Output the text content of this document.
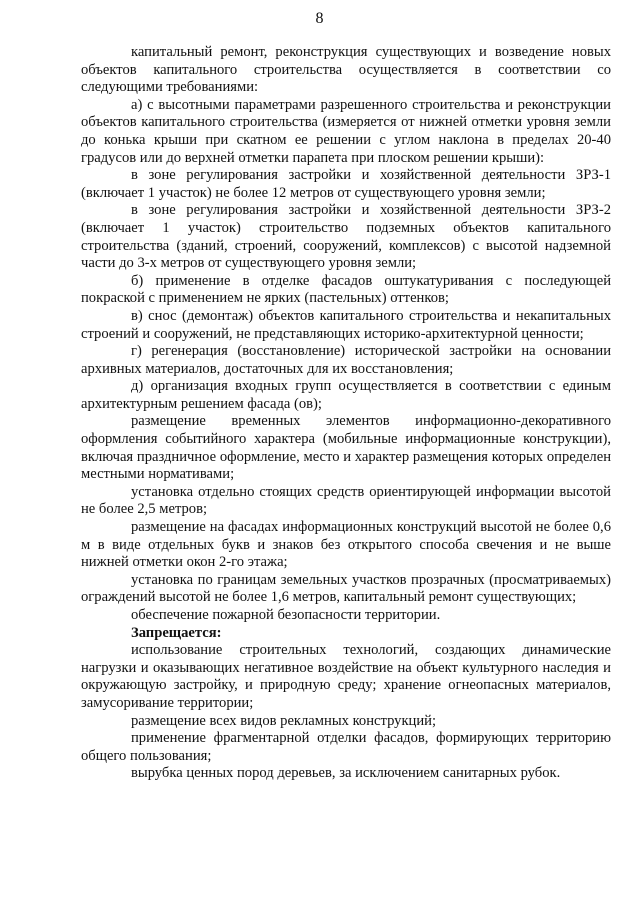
8

капитальный ремонт, реконструкция существующих и возведение новых объектов капитального строительства осуществляется в соответствии со следующими требованиями:

а) с высотными параметрами разрешенного строительства и реконструкции объектов капитального строительства (измеряется от нижней отметки уровня земли до конька крыши при скатном ее решении с углом наклона в пределах 20-40 градусов или до верхней отметки парапета при плоском решении крыши):

в зоне регулирования застройки и хозяйственной деятельности ЗРЗ-1 (включает 1 участок) не более 12 метров от существующего уровня земли;

в зоне регулирования застройки и хозяйственной деятельности ЗРЗ-2 (включает 1 участок) строительство подземных объектов капитального строительства (зданий, строений, сооружений, комплексов) с высотой надземной части до 3-х метров от существующего уровня земли;

б) применение в отделке фасадов оштукатуривания с последующей покраской с применением не ярких (пастельных) оттенков;

в) снос (демонтаж) объектов капитального строительства и некапитальных строений и сооружений, не представляющих историко-архитектурной ценности;

г) регенерация (восстановление) исторической застройки на основании архивных материалов, достаточных для их восстановления;

д) организация входных групп осуществляется в соответствии с единым архитектурным решением фасада (ов);

размещение временных элементов информационно-декоративного оформления событийного характера (мобильные информационные конструкции), включая праздничное оформление, место и характер размещения которых определен местными нормативами;

установка отдельно стоящих средств ориентирующей информации высотой не более 2,5 метров;

размещение на фасадах информационных конструкций высотой не более 0,6 м в виде отдельных букв и знаков без открытого способа свечения и не выше нижней отметки окон 2-го этажа;

установка по границам земельных участков прозрачных (просматриваемых) ограждений высотой не более 1,6 метров, капитальный ремонт существующих;

обеспечение пожарной безопасности территории.

Запрещается:

использование строительных технологий, создающих динамические нагрузки и оказывающих негативное воздействие на объект культурного наследия и окружающую застройку, и природную среду; хранение огнеопасных материалов, замусоривание территории;

размещение всех видов рекламных конструкций;

применение фрагментарной отделки фасадов, формирующих территорию общего пользования;

вырубка ценных пород деревьев, за исключением санитарных рубок.
